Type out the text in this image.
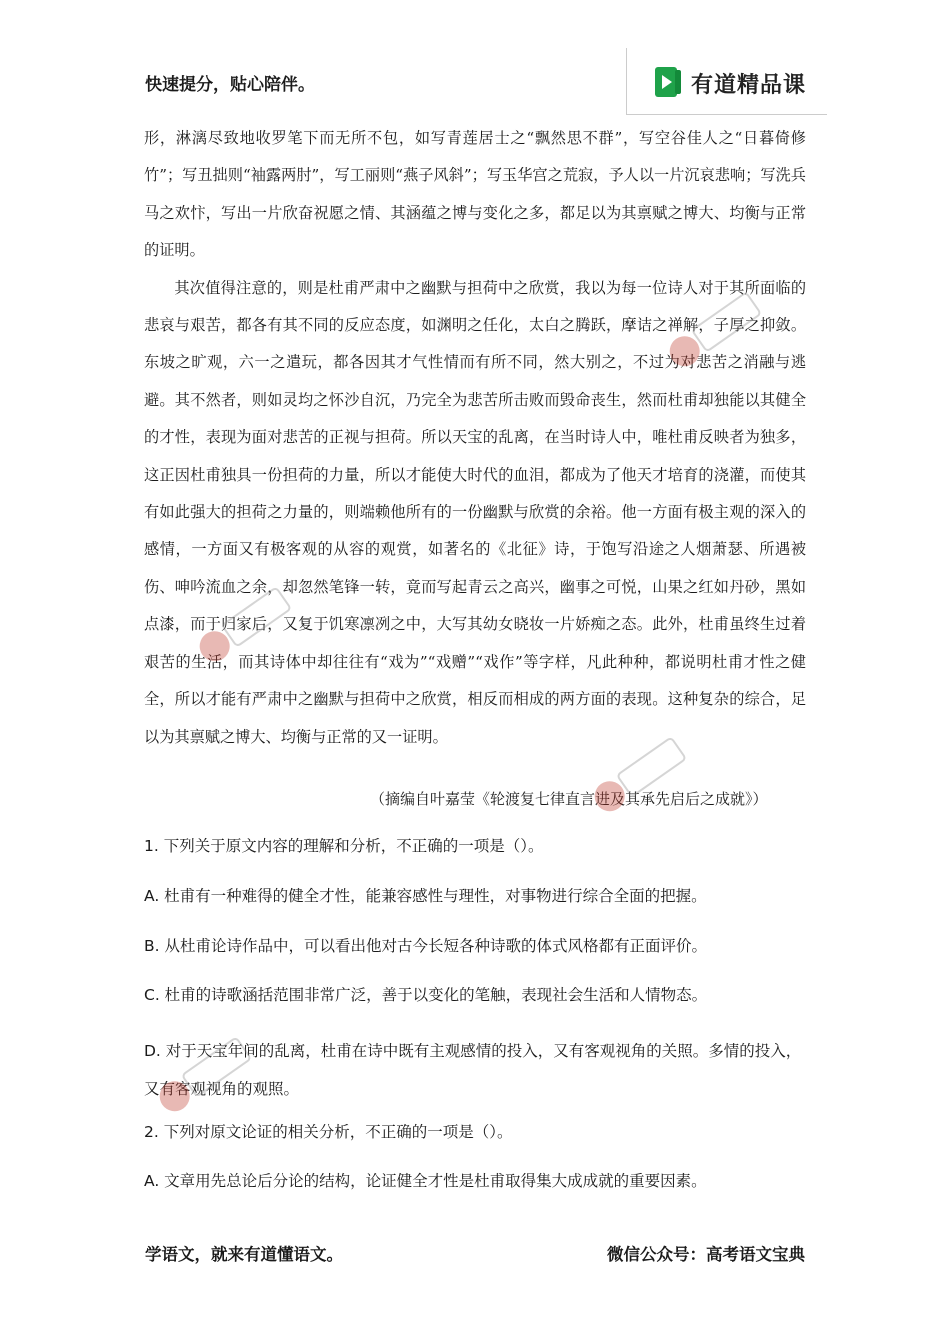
快速提分，贴心陪伴。	有道精品课

形，淋漓尽致地收罗笔下而无所不包，如写青莲居士之“飘然思不群”，写空谷佳人之“日暮倚修竹”；写丑拙则“袖露两肘”，写工丽则“燕子风斜”；写玉华宫之荒寂，予人以一片沉哀悲响；写洗兵马之欢忭，写出一片欣奋祝愿之情、其涵蕴之博与变化之多，都足以为其禀赋之博大、均衡与正常的证明。

其次值得注意的，则是杜甫严肃中之幽默与担荷中之欣赏，我以为每一位诗人对于其所面临的悲哀与艰苦，都各有其不同的反应态度，如渊明之任化，太白之腾跃，摩诘之禅解，子厚之抑敛。东坡之旷观，六一之遣玩，都各因其才气性情而有所不同，然大别之，不过为对悲苦之消融与逃避。其不然者，则如灵均之怀沙自沉，乃完全为悲苦所击败而毁命丧生，然而杜甫却独能以其健全的才性，表现为面对悲苦的正视与担荷。所以天宝的乱离，在当时诗人中，唯杜甫反映者为独多，这正因杜甫独具一份担荷的力量，所以才能使大时代的血泪，都成为了他天才培育的浇灌，而使其有如此强大的担荷之力量的，则端赖他所有的一份幽默与欣赏的余裕。他一方面有极主观的深入的感情，一方面又有极客观的从容的观赏，如著名的《北征》诗，于饱写沿途之人烟萧瑟、所遇被伤、呻吟流血之余，却忽然笔锋一转，竟而写起青云之高兴，幽事之可悦，山果之红如丹砂，黑如点漆，而于归家后，又复于饥寒凛冽之中，大写其幼女晓妆一片娇痴之态。此外，杜甫虽终生过着艰苦的生活，而其诗体中却往往有“戏为”“戏赠”“戏作”等字样，凡此种种，都说明杜甫才性之健全，所以才能有严肃中之幽默与担荷中之欣赏，相反而相成的两方面的表现。这种复杂的综合，足以为其禀赋之博大、均衡与正常的又一证明。

（摘编自叶嘉莹《轮渡复七律直言进及其承先启后之成就》）
1. 下列关于原文内容的理解和分析，不正确的一项是（）。
A. 杜甫有一种难得的健全才性，能兼容感性与理性，对事物进行综合全面的把握。
B. 从杜甫论诗作品中，可以看出他对古今长短各种诗歌的体式风格都有正面评价。
C. 杜甫的诗歌涵括范围非常广泛，善于以变化的笔触，表现社会生活和人情物态。
D. 对于天宝年间的乱离，杜甫在诗中既有主观感情的投入，又有客观视角的关照。多情的投入，又有客观视角的观照。
2. 下列对原文论证的相关分析，不正确的一项是（）。
A. 文章用先总论后分论的结构，论证健全才性是杜甫取得集大成成就的重要因素。
学语文，就来有道懂语文。	微信公众号：高考语文宝典
